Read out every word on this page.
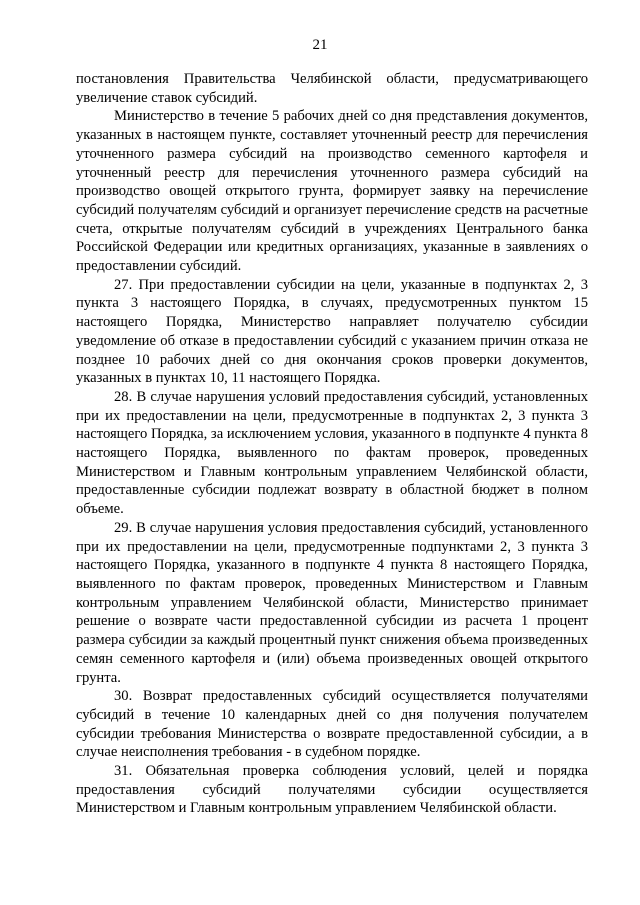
21

постановления Правительства Челябинской области, предусматривающего увеличение ставок субсидий.

Министерство в течение 5 рабочих дней со дня представления документов, указанных в настоящем пункте, составляет уточненный реестр для перечисления уточненного размера субсидий на производство семенного картофеля и уточненный реестр для перечисления уточненного размера субсидий на производство овощей открытого грунта, формирует заявку на перечисление субсидий получателям субсидий и организует перечисление средств на расчетные счета, открытые получателям субсидий в учреждениях Центрального банка Российской Федерации или кредитных организациях, указанные в заявлениях о предоставлении субсидий.

27. При предоставлении субсидии на цели, указанные в подпунктах 2, 3 пункта 3 настоящего Порядка, в случаях, предусмотренных пунктом 15 настоящего Порядка, Министерство направляет получателю субсидии уведомление об отказе в предоставлении субсидий с указанием причин отказа не позднее 10 рабочих дней со дня окончания сроков проверки документов, указанных в пунктах 10, 11 настоящего Порядка.

28. В случае нарушения условий предоставления субсидий, установленных при их предоставлении на цели, предусмотренные в подпунктах 2, 3 пункта 3 настоящего Порядка, за исключением условия, указанного в подпункте 4 пункта 8 настоящего Порядка, выявленного по фактам проверок, проведенных Министерством и Главным контрольным управлением Челябинской области, предоставленные субсидии подлежат возврату в областной бюджет в полном объеме.

29. В случае нарушения условия предоставления субсидий, установленного при их предоставлении на цели, предусмотренные подпунктами 2, 3 пункта 3 настоящего Порядка, указанного в подпункте 4 пункта 8 настоящего Порядка, выявленного по фактам проверок, проведенных Министерством и Главным контрольным управлением Челябинской области, Министерство принимает решение о возврате части предоставленной субсидии из расчета 1 процент размера субсидии за каждый процентный пункт снижения объема произведенных семян семенного картофеля и (или) объема произведенных овощей открытого грунта.

30. Возврат предоставленных субсидий осуществляется получателями субсидий в течение 10 календарных дней со дня получения получателем субсидии требования Министерства о возврате предоставленной субсидии, а в случае неисполнения требования - в судебном порядке.

31. Обязательная проверка соблюдения условий, целей и порядка предоставления субсидий получателями субсидии осуществляется Министерством и Главным контрольным управлением Челябинской области.
